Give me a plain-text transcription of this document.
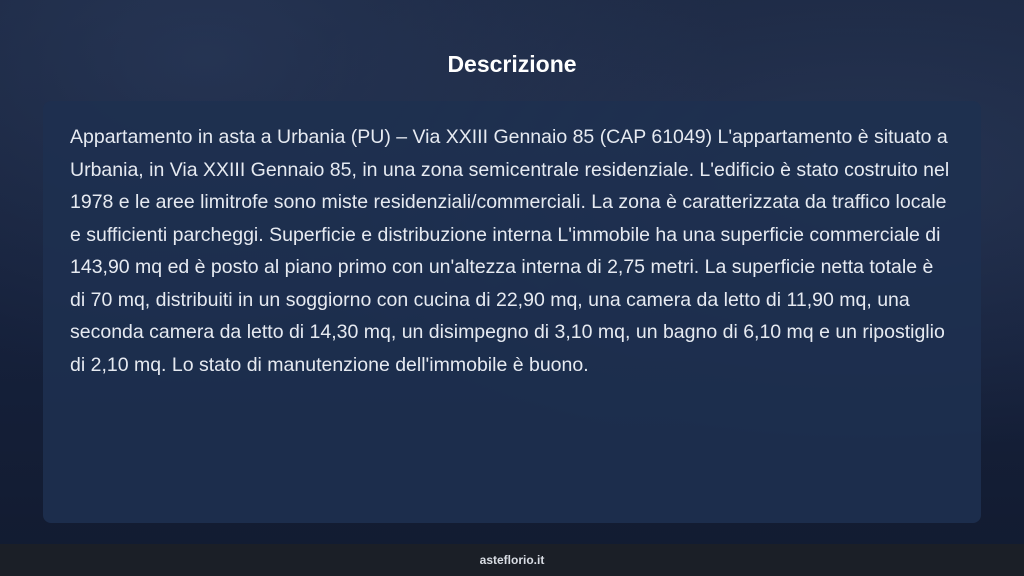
Descrizione

Appartamento in asta a Urbania (PU) – Via XXIII Gennaio 85 (CAP 61049) L'appartamento è situato a Urbania, in Via XXIII Gennaio 85, in una zona semicentrale residenziale. L'edificio è stato costruito nel 1978 e le aree limitrofe sono miste residenziali/commerciali. La zona è caratterizzata da traffico locale e sufficienti parcheggi. Superficie e distribuzione interna L'immobile ha una superficie commerciale di 143,90 mq ed è posto al piano primo con un'altezza interna di 2,75 metri. La superficie netta totale è di 70 mq, distribuiti in un soggiorno con cucina di 22,90 mq, una camera da letto di 11,90 mq, una seconda camera da letto di 14,30 mq, un disimpegno di 3,10 mq, un bagno di 6,10 mq e un ripostiglio di 2,10 mq. Lo stato di manutenzione dell'immobile è buono.

asteflorio.it
